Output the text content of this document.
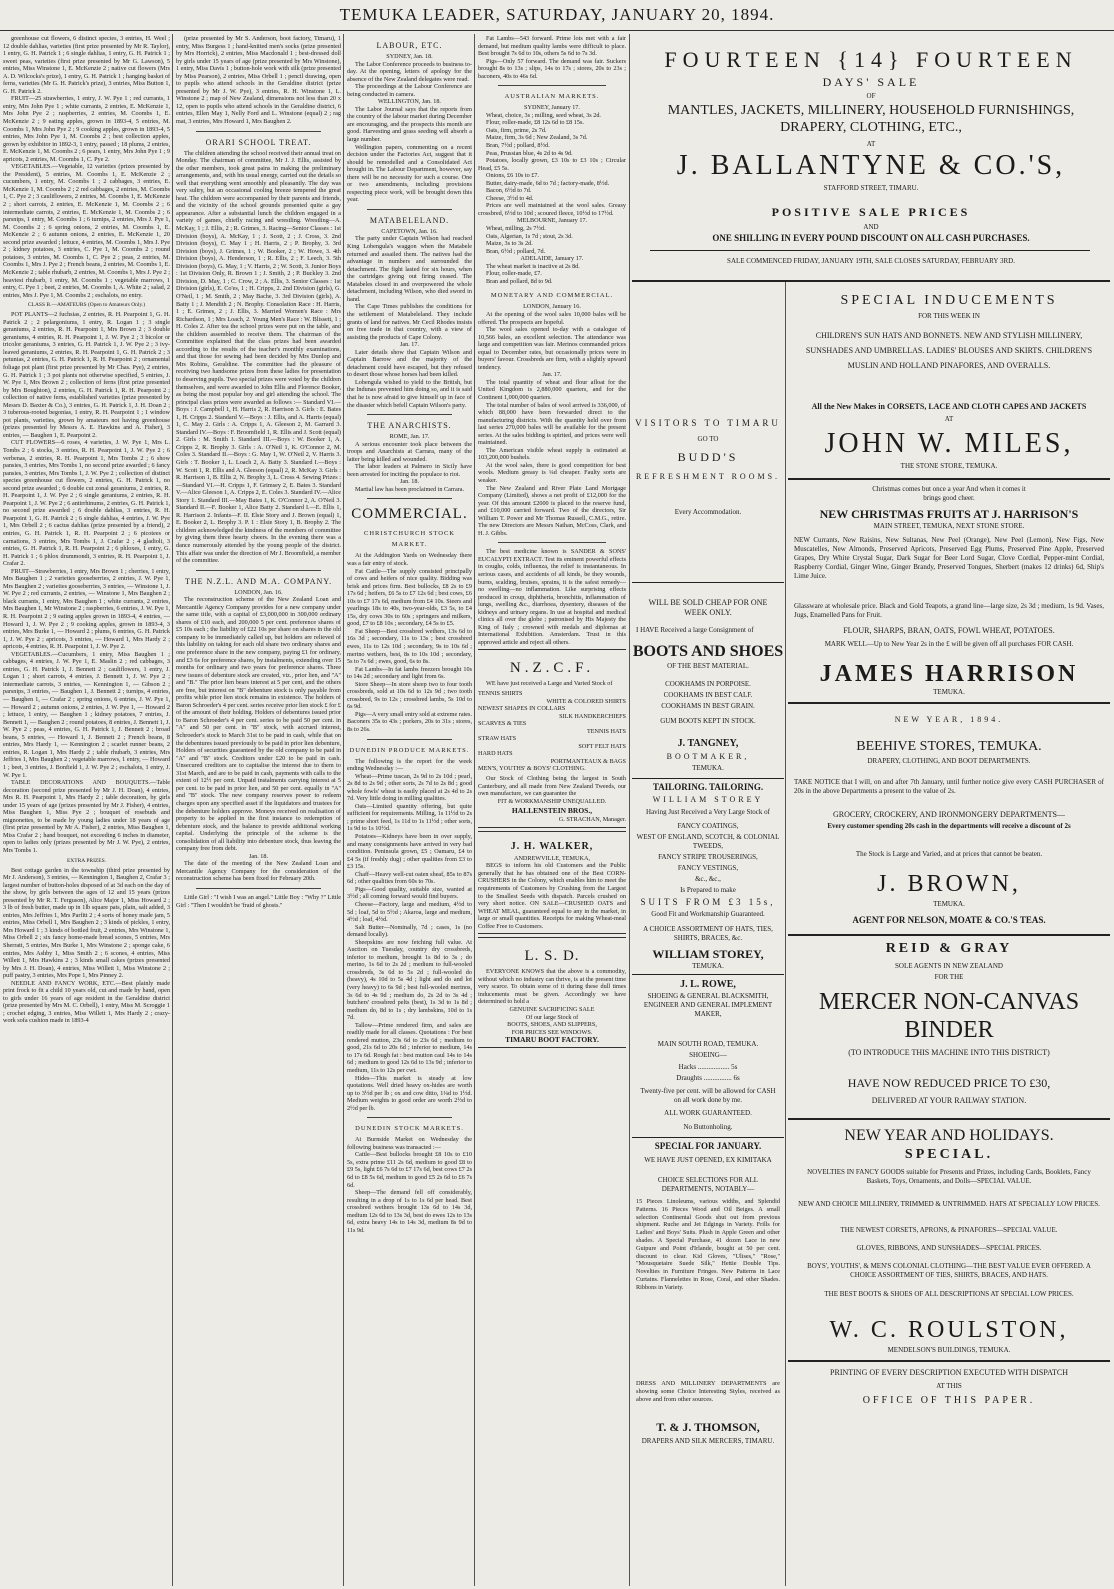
TEMUKA LEADER, SATURDAY, JANUARY 20, 1894.

greenhouse cut flowers, 6 distinct species, 3 entries, H. Weel ; 12 double dahlias, varieties (first prize presented by Mr R. Taylor), 1 entry, G. H. Patrick 1 ; 6 single dahlias, 1 entry, G. H. Patrick 1 ; sweet peas, varieties (first prize presented by Mr G. Lawson), 5 entries, Miss Winstone 1, E. McKenzie 2 ; native cut flowers (Mrs A. D. Wilcocks's prize), 1 entry, G. H. Patrick 1 ; hanging basket of ferns, varieties (Mr G. H. Patrick's prize), 3 entries, Miss Button 1, G. H. Patrick 2.

FRUIT—25 strawberries, 1 entry, J. W. Pye 1 ; red currants, 1 entry, Mrs John Pye 1 ; white currants, 2 entries, E. McKenzie 1, Mrs John Pye 2 ; raspberries, 2 entries, M. Coombs 1, E. McKenzie 2 ; 9 eating apples, grown in 1893-4, 5 entries, M. Coombs 1, Mrs John Pye 2 ; 9 cooking apples, grown in 1893-4, 5 entries, Mrs John Pye 1, M. Coombs 2 ; best collection apples, grown by exhibitor in 1892-3, 1 entry, passed ; 18 plums, 2 entries, E. McKenzie 1, M. Coombs 2 ; 6 pears, 1 entry, Mrs John Pye 1 ; 9 apricots, 2 entries, M. Coombs 1, C. Pye 2.

VEGETABLES.—Vegetable, 12 varieties (prizes presented by the President), 5 entries, M. Coombs 1, E. McKenzie 2 ; cucumbers, 1 entry, M. Coombs 1 ; 2 cabbages, 3 entries, E. McKenzie 1, M. Coombs 2 ; 2 red cabbages, 2 entries, M. Coombs 1, C. Pye 2 ; 3 cauliflowers, 2 entries, M. Coombs 1, E. McKenzie 2 ; short carrots, 2 entries, E. McKenzie 1, M. Coombs 2 ; 6 intermediate carrots, 2 entries, E. McKenzie 1, M. Coombs 2 ; 6 parsnips, 1 entry, M. Coombs 1 ; 6 turnips, 2 entries, Mrs J. Pye 1, M. Coombs 2 ; 6 spring onions, 2 entries, M. Coombs 1, E. McKenzie 2 ; 6 autumn onions, 2 entries, E. McKenzie 1, 20 second prize awarded ; lettuce, 4 entries, M. Coombs 1, Mrs J. Pye 2 ; kidney potatoes, 3 entries, C. Pye 1, M. Coombs 2 ; round potatoes, 3 entries, M. Coombs 1, C. Pye 2 ; peas, 2 entries, M. Coombs 1, Mrs J. Pye 2 ; French beans, 2 entries, M. Coombs 1, E. McKenzie 2 ; table rhubarb, 2 entries, M. Coombs 1, Mrs J. Pye 2 ; heaviest rhubarb, 1 entry, M. Coombs 1 ; vegetable marrows, 1 entry, C. Pye 1 ; beet, 2 entries, M. Coombs 1, A. White 2 ; salad, 2 entries, Mrs J. Pye 1, M. Coombs 2 ; eschalots, no entry.

CLASS B.—AMATEURS (Open to Amateurs Only.)

POT PLANTS—2 fuchsias, 2 entries, R. H. Pearpoint 1, G. H. Patrick 2 ; 2 pelargoniums, 1 entry, R. Logan 1 ; 3 single geraniums, 2 entries, R. H. Pearpoint 1, Mrs Brown 2 ; 3 double geraniums, 4 entries, R. H. Pearpoint 1, J. W. Pye 2 ; 3 bicolor or tricolor geraniums, 3 entries, G. H. Patrick 1, J. W. Pye 2 ; 3 ivy-leaved geraniums, 2 entries, R. H. Pearpoint 1, G. H. Patrick 2 ; 3 petunias, 2 entries, G. H. Patrick 1, R. H. Pearpoint 2 ; ornamental foliage pot plant (first prize presented by Mr Chas. Pye), 2 entries, G. H. Patrick 1 ; 3 pot plants not otherwise specified, 5 entries, J. W. Pye 1, Mrs Brown 2 ; collection of ferns (first prize presented by Mrs Boughton), 2 entries, G. H. Patrick 1, R. H. Pearpoint 2 ; collection of native ferns, established varieties (prize presented by Messrs D. Baxter & Co.), 3 entries, G. H. Patrick 1, J. H. Doan 2 ; 3 tuberous-rooted begonias, 1 entry, R. H. Pearpoint 1 ; 1 window pot plants, varieties, grown by amateurs not having greenhouse (prizes presented by Messrs A. E. Hawkins and A. Fisher), 3 entries, — Baughen 1, E. Pearpoint 2.

CUT FLOWERS—6 roses, 4 varieties, J. W. Pye 1, Mrs L. Tombs 2 ; 6 stocks, 3 entries, R. H. Pearpoint 1, J. W. Pye 2 ; 6 verbenas, 2 entries, R. H. Pearpoint 1, Mrs Tombs 2 ; 6 show pansies, 3 entries, Mrs Tombs 1, no second prize awarded ; 6 fancy pansies, 3 entries, Mrs Tombs 1, J. W. Pye 2 ; collection of distinct species greenhouse cut flowers, 2 entries, G. H. Patrick 1, no second prize awarded ; 6 double cut zonal geraniums, 2 entries, R. H. Pearpoint 1, J. W. Pye 2 ; 6 single geraniums, 2 entries, R. H. Pearpoint 1, J. W. Pye 2 ; 6 antirrhinums, 2 entries, G. H. Patrick 1, no second prize awarded ; 6 double dahlias, 3 entries, R. H. Pearpoint 1, G. H. Patrick 2 ; 6 single dahlias, 4 entries, J. W. Pye 1, Mrs Orbell 2 ; 6 cactus dahlias (prize presented by a friend), 2 entries, G. H. Patrick 1, R. H. Pearpoint 2 ; 6 picotees or carnations, 3 entries, Mrs Tombs 1, J. Crafar 2 ; 4 gladioli, 3 entries, G. H. Patrick 1, R. H. Pearpoint 2 ; 6 phloxes, 1 entry, G. H. Patrick 1 ; 6 phlox drummondi, 3 entries, R. H. Pearpoint 1, J. Crafar 2.

FRUIT—Strawberries, 1 entry, Mrs Brown 1 ; cherries, 1 entry, Mrs Baughen 1 ; 2 varieties gooseberries, 2 entries, J. W. Pye 1, Mrs Baughen 2 ; varieties gooseberries, 3 entries, — Winstone 1, J. W. Pye 2 ; red currants, 2 entries, — Winstone 1, Mrs Baughen 2 ; black currants, 1 entry, Mrs Baughen 1 ; white currants, 2 entries, Mrs Baughen 1, Mr Winstone 2 ; raspberries, 6 entries, J. W. Pye 1, R. H. Pearpoint 2 ; 9 eating apples grown in 1893-4, 4 entries, — Howard 1, J. W. Pye 2 ; 9 cooking apples, grown in 1893-4, 3 entries, Mrs Burke 1, — Howard 2 ; plums, 6 entries, G. H. Patrick 1, J. W. Pye 2 ; apricots, 3 entries, — Howard 1, Mrs Hardy 2 ; apricots, 4 entries, R. H. Pearpoint 1, J. W. Pye 2.

VEGETABLES.—Cucumbers, 1 entry, Miss Baughen 1 ; cabbages, 4 entries, J. W. Pye 1, E. Maslin 2 ; red cabbages, 3 entries, G. H. Patrick 1, J. Bennett 2 ; cauliflowers, 1 entry, J. Logan 1 ; short carrots, 4 entries, J. Bennett 1, J. W. Pye 2 ; intermediate carrots, 3 entries, — Kennington 1, — Gibson 2 ; parsnips, 3 entries, — Baughen 1, J. Bennett 2 ; turnips, 4 entries, — Baughen 1, — Crafar 2 ; spring onions, 6 entries, J. W. Pye 1, — Howard 2 ; autumn onions, 2 entries, J. W. Pye 1, — Howard 2 ; lettuce, 1 entry, — Baughen 1 ; kidney potatoes, 7 entries, J. Bennett 1, — Baughen 2 ; round potatoes, 8 entries, J. Bennett 1, J. W. Pye 2 ; peas, 4 entries, G. H. Patrick 1, J. Bennett 2 ; broad beans, 5 entries, — Howard 1, J. Bennett 2 ; French beans, 8 entries, Mrs Hardy 1, — Kennington 2 ; scarlet runner beans, 2 entries, R. Logan 1, Mrs Hardy 2 ; table rhubarb, 3 entries, Mrs Jeffries 1, Mrs Baughen 2 ; vegetable marrows, 1 entry, — Howard 1 ; beet, 3 entries, J. Bonfield 1, J. W. Pye 2 ; eschalots, 1 entry, J. W. Pye 1.

TABLE DECORATIONS AND BOUQUETS.—Table decoration (second prize presented by Mr J. H. Doan), 4 entries, Mrs R. H. Pearpoint 1, Mrs Hardy 2 ; table decoration, by girls under 15 years of age (prizes presented by Mr J. Fisher), 4 entries, Miss Baughen 1, Miss Pye 2 ; bouquet of rosebuds and mignonettes, to be made by young ladies under 18 years of age (first prize presented by Mr A. Fisher), 2 entries, Miss Baughen 1, Miss Crafar 2 ; hand bouquet, not exceeding 6 inches in diameter, open to ladies only (prizes presented by Mr J. W. Pye), 2 entries, Mrs Tombs 1.

EXTRA PRIZES.

Best cottage garden in the township (third prize presented by Mr J. Anderson), 3 entries, — Kennington 1, Baughen 2, Crafar 3 ; largest number of button-holes disposed of at 3d each on the day of the show, by girls between the ages of 12 and 15 years (prizes presented by Mr R. T. Ferguson), Alice Major 1, Miss Howard 2 ; 3 lb of fresh butter, made up in 1lb square pats, plain, salt added, 3 entries, Mrs Jeffries 1, Mrs Parfitt 2 ; 4 sorts of honey made jam, 5 entries, Miss Orbell 1, Mrs Baughen 2 ; 3 kinds of pickles, 1 entry, Mrs Howard 1 ; 3 kinds of bottled fruit, 2 entries, Mrs Winstone 1, Miss Orbell 2 ; six fancy home-made bread scones, 5 entries, Mrs Sherratt, 5 entries, Mrs Burke 1, Mrs Winstone 2 ; sponge cake, 6 entries, Mrs Ashby 1, Miss Smith 2 ; 6 scones, 4 entries, Miss Willett 1, Mrs Hawkins 2 ; 3 kinds small cakes (prizes presented by Mrs J. H. Doan), 4 entries, Miss Willett 1, Miss Winstone 2 ; puff pastry, 3 entries, Mrs Pope 1, Mrs Pinney 2.

NEEDLE AND FANCY WORK, ETC.—Best plainly made print frock to fit a child 10 years old, cut and made by hand, open to girls under 16 years of age resident in the Geraldine district (prize presented by Mrs M. C. Orbell), 1 entry, Miss M. Scroggie 1 ; crochet edging, 3 entries, Miss Willett 1, Mrs Hardy 2 ; crazy-work sofa cushion made in 1893-4

(prize presented by Mr S. Anderson, boot factory, Timaru), 1 entry, Miss Burgess 1 ; hand-knitted men's socks (prize presented by Mrs Horrick), 2 entries, Miss Macdonald 1 ; best-dressed doll by girls under 15 years of age (prize presented by Mrs Winstone), 1 entry, Miss Davis 1 ; button-hole work with silk (prize presented by Miss Pearson), 2 entries, Miss Orbell 1 ; pencil drawing, open to pupils who attend schools in the Geraldine district (prize presented by Mr J. W. Pye), 3 entries, R. H. Winstone 1, L. Winstone 2 ; map of New Zealand, dimensions not less than 20 x 12, open to pupils who attend schools in the Geraldine district, 6 entries, Ellen May 1, Nelly Ford and L. Winstone (equal) 2 ; rag mat, 3 entries, Mrs Howard 1, Mrs Baughen 2.

ORARI SCHOOL TREAT.

The children attending the school received their annual treat on Monday. The chairman of committee, Mr J. J. Ellis, assisted by the other members, took great pains in making the preliminary arrangements, and, with his usual energy, carried out the details so well that everything went smoothly and pleasantly. The day was very sultry, but an occasional cooling breeze tempered the great heat. The children were accompanied by their parents and friends, and the vicinity of the school grounds presented quite a gay appearance. After a substantial lunch the children engaged in a variety of games, chiefly racing and wrestling. Wrestling—A. McKay, 1 ; J. Ellis, 2 ; R. Grimes, 3. Racing—Senior Classes : 1st Division (boys), A. McKay, 1 ; J. Scott, 2 ; J. Cross, 3. 2nd Division (boys), C. May 1 ; H. Harris, 2 ; P. Brophy, 3. 3rd Division (boys), J. Grimes, 1 ; W. Booker, 2 ; W. Howe, 3. 4th Division (boys), A. Henderson, 1 ; R. Ellis, 2 ; F. Leech, 3. 5th Division (boys), G. May, 1 ; V. Harris, 2 ; W. Scott, 3. Junior Boys : 1st Division Only, R. Brown 1 ; J. Smith, 2 ; P. Buckley 3. 2nd Division, D. May, 1 ; C. Crow, 2 ; A. Ellis, 3. Senior Classes : 1st Division (girls), E. Co'es, 1 ; H. Cripps, 2. 2nd Division (girls), G. O'Neil, 1 ; M. Smith, 2 ; May Bache, 3. 3rd Division (girls), A. Batty 1 ; J. Mendith 2 ; N. Brophy. Consolation Race : H. Harris, 1 ; E. Grimes, 2 ; J. Ellis, 3. Married Women's Race : Mrs Richardson, 1 ; Mrs Loach, 2. Young Men's Race : W. Blissett, 1 ; H. Coles 2. After tea the school prizes were put on the table, and the children assembled to receive them. The chairman of the Committee explained that the class prizes had been awarded according to the results of the teacher's monthly examinations, and that those for sewing had been decided by Mrs Dunlop and Mrs Robins, Geraldine. The committee had the pleasure of receiving two handsome prizes from these ladies for presentation to deserving pupils. Two special prizes were voted by the children themselves, and were awarded to John Ellis and Florence Booker, as being the most popular boy and girl attending the school. The principal class prizes were awarded as follows :— Standard VI.—Boys : J. Campbell 1, H. Harris 2, R. Harrison 3. Girls : E. Bates 1, H. Cripps 2. Standard V.—Boys : J. Ellis, and A. Harris (equal) 1, C. May 2. Girls : A. Cripps 1, A. Gleeson 2, M. Garrard 3. Standard IV.—Boys : F. Broomfield 1, R. Ellis and J. Scott (equal) 2. Girls : M. Smith 1. Standard III.—Boys : W. Booker 1, A. Cripps 2, R. Brophy 3. Girls : A. O'Neil 1, K. O'Connor 2, M. Coles 3. Standard II.—Boys : G. May 1, W. O'Neil 2, V. Harris 3. Girls : T. Booker 1, L. Loach 2, A. Batty 3. Standard I.—Boys : W. Scott 1, R. Ellis and A. Gleeson (equal) 2, R. McKay 3. Girls : R. Harrison 1, B. Ellis 2, N. Brophy 3, L. Cross 4. Sewing Prizes : —Standard VI.—H. Cripps 1, F. Grimsey 2, E. Bates 3. Standard V.—Alice Gleeson 1, A. Cripps 2, E. Coles 3. Standard IV.—Alice Story 1. Standard III.—May Bates 1, K. O'Connor 2, A. O'Neil 3. Standard II.—F. Booker 1, Alice Batty 2. Standard I.—E. Ellis 1, R. Harrison 2. Infants—F. II. Elsie Story and J. Brown (equal) 1, E. Booker 2, L. Brophy 3. P. 1 : Elsie Story 1, B. Brophy 2. The children acknowledged the kindness of the members of committee by giving them three hearty cheers. In the evening there was a dance numerously attended by the young people of the district. This affair was under the direction of Mr J. Broomfield, a member of the committee.

THE N.Z.L. AND M.A. COMPANY.
LONDON, Jan. 16.

The reconstruction scheme of the New Zealand Loan and Mercantile Agency Company provides for a new company under the same title, with a capital of £3,000,000 in 300,000 ordinary shares of £10 each, and 200,000 5 per cent. preference shares of £5 10s each ; the liability of £22 10s per share on shares in the old company to be immediately called up, but holders are relieved of this liability on taking for each old share two ordinary shares and one preference share in the new company, paying £1 for ordinary, and £3 6s for preference shares, by instalments, extending over 15 months for ordinary and two years for preference shares. Three new issues of debenture stock are created, viz., prior lien, and "A" and "B." The prior lien bears interest at 5 per cent, and the others are free, but interest on "B" debenture stock is only payable from profits while prior lien stock remains in existence. The holders of Baron Schroeder's 4 per cent. series receive prior lien stock £ for £ of the amount of their holding. Holders of debentures issued prior to Baron Schroeder's 4 per cent. series to be paid 50 per cent. in "A" and 50 per cent. in "B" stock, with accrued interest, Schroeder's stock to March 31st to be paid in cash, while that on the debentures issued previously to be paid in prior lien debenture, Holders of securities guaranteed by the old company to be paid in "A" and "B" stock. Creditors under £20 to be paid in cash. Unsecured creditors are to capitalise the interest due to them to 31st March, and are to be paid in cash, payments with calls to the extent of 12½ per cent. Unpaid instalments carrying interest at 5 per cent. to be paid in prior lien, and 50 per cent. equally in "A" and "B" stock. The new company reserves power to redeem charges upon any specified asset if the liquidators and trustees for the debenture holders approve. Moneys received on realisation of property to be applied in the first instance to redemption of debenture stock, and the balance to provide additional working capital. Underlying the principle of the scheme is the consolidation of all liability into debenture stock, thus leaving the company free from debt.

Jan. 18.

The date of the meeting of the New Zealand Loan and Mercantile Agency Company for the consideration of the reconstruction scheme has been fixed for February 20th.

Little Girl : "I wish I was an angel." Little Boy : "Why ?" Little Girl : "Then I wouldn't be 'fraid of ghosts."

LABOUR, ETC.
SYDNEY, Jan. 18.

The Labor Conference proceeds to business to-day. At the opening, letters of apology for the absence of the New Zealand delegates were read.

The proceedings at the Labour Conference are being conducted in camera.

WELLINGTON, Jan. 18.

The Labor Journal says that the reports from the country of the labour market during December are encouraging, and the prospects this month are good. Harvesting and grass seeding will absorb a large number.

Wellington papers, commenting on a recent decision under the Factories Act, suggest that it should be remodelled and a Consolidated Act brought in. The Labour Department, however, say there will be no necessity for such a course. One or two amendments, including provisions respecting piece work, will be brought down this year.

MATABELELAND.
CAPETOWN, Jan. 16.

The party under Captain Wilson had reached King Lobengula's waggon when the Matabele returned and assailed them. The natives had the advantage in numbers and surrounded the detachment. The fight lasted for six hours, when the cartridges giving out firing ceased. The Matabeles closed in and overpowered the whole detachment, including Wilson, who died sword in hand.

The Cape Times publishes the conditions for the settlement of Matabeleland. They include grants of land for natives. Mr Cecil Rhodes insists on free trade in that country, with a view of assisting the products of Cape Colony.

Jan. 17.

Later details show that Captain Wilson and Captain Barrow and the majority of the detachment could have escaped, but they refused to desert those whose horses had been killed.

Lobengula wished to yield to the British, but the Indunas prevented him doing so, and it is said that he is now afraid to give himself up in face of the disaster which befell Captain Wilson's party.

THE ANARCHISTS.
ROME, Jan. 17.

A serious encounter took place between the troops and Anarchists at Carrara, many of the latter being killed and wounded.

The labor leaders at Palmero in Sicily have been arrested for inciting the populace to riot.

Jan. 18.

Martial law has been proclaimed in Carrara.

COMMERCIAL.
CHRISTCHURCH STOCK MARKET.

At the Addington Yards on Wednesday there was a fair entry of stock.

Fat Cattle—The supply consisted principally of cows and heifers of nice quality. Bidding was brisk and prices firm. Best bullocks, £8 2s to £9 17s 6d ; heifers, £6 5s to £7 12s 6d ; best cows, £6 10s to £7 17s 6d, medium from £4 10s. Steers and yearlings 18s to 40s, two-year-olds, £3 5s, to £4 15s, dry cows 30s to 60s ; springers and milkers, good, £7 to £8 10s ; secondary, £4 5s to £5.

Fat Sheep—Best crossbred wethers, 13s 6d to 16s 3d ; secondary, 11s to 13s ; best crossbred ewes, 11s to 12s 10d ; secondary, 9s to 10s 6d ; merino wethers, best, 8s to 10s 10d ; secondary, 5s to 7s 6d ; ewes, good, 6s to 8s.

Fat Lambs—In fat lambs freezers brought 10s to 14s 2d ; secondary and light from 6s.

Store Sheep—In store sheep two to four tooth crossbreds, sold at 10s 6d to 12s 9d ; two tooth crossbred, 9s to 12s ; crossbred lambs, 5s 10d to 6s 9d.

Pigs—A very small entry sold at extreme rates. Baconers 35s to 43s ; porkers, 20s to 31s ; stores, 8s to 26s.

DUNEDIN PRODUCE MARKETS.

The following is the report for the week ending Wednesday :—

Wheat—Prime tuscan, 2s 9d to 2s 10d ; pearl, 2s 8d to 2s 9d ; other sorts, 2s 7d to 2s 8d ; good whole fowls' wheat is easily placed at 2s 4d to 2s 7d. Very little doing in milling qualities.

Oats—Limited quantity offering, but quite sufficient for requirements. Milling, 1s 11½d to 2s ; prime short feed, 1s 11d to 1s 11½d ; other sorts, 1s 9d to 1s 10½d.

Potatoes—Kidneys have been in over supply, and many consignments have arrived in very bad condition. Peninsula grown, £5 ; Oamaru, £4 to £4 5s (if freshly dug) ; other qualities from £3 to £3 15s.

Chaff—Heavy well-cut oaten sheaf, 85s to 87s 6d ; other qualities from 60s to 70s.

Pigs—Good quality, suitable size, wanted at 3½d ; all coming forward would find buyers.

Cheese—Factory, large and medium, 4½d to 5d ; loaf, 5d to 5½d ; Akaroa, large and medium, 4½d ; loaf, 4½d.

Salt Butter—Nominally, 7d ; cases, 1s (no demand locally).

Sheepskins are now fetching full value. At Auction on Tuesday, country dry crossbreds, inferior to medium, brought 1s 8d to 3s ; do merino, 1s 6d to 2s 2d ; medium to full-wooled crossbreds, 3s 6d to 5s 2d ; full-wooled do (heavy), 4s 10d to 5s 4d ; light and do and lot (very heavy) to 6s 9d ; best full-wooled merinos, 3s 6d to 4s 9d ; medium do, 2s 2d to 3s 4d ; butchers' crossbred pelts (best), 1s 3d to 1s 8d ; medium do, 8d to 1s ; dry lambskins, 10d to 1s 7d.

Tallow—Prime rendered firm, and sales are readily made for all classes. Quotations : For best rendered mutton, 23s 6d to 23s 6d ; medium to good, 21s 6d to 20s 6d ; inferior to medium, 14s to 17s 6d. Rough fat : best mutton caul 14s to 14s 6d ; medium to good 12s 6d to 13s 9d ; inferior to medium, 11s to 12s per cwt.

Hides—This market is steady at low quotations. Well dried heavy ox-hides are worth up to 3½d per lb ; ox and cow ditto, 1¼d to 1½d. Medium weights to good order are worth 2½d to 2½d per lb.

DUNEDIN STOCK MARKETS.

At Burnside Market on Wednesday the following business was transacted :—

Cattle—Best bullocks brought £8 10s to £10 5s, extra prime £11 2s 6d, medium to good £8 to £9 5s, light £6 7s 6d to £7 17s 6d, best cows £7 2s 6d to £8 5s 6d, medium to good £5 2s 6d to £6 7s 6d.

Sheep—The demand fell off considerably, resulting in a drop of 1s to 1s 6d per head. Best crossbred wethers brought 13s 6d to 14s 3d, medium 12s 6d to 13s 3d, best do ewes 12s to 13s 6d, extra heavy 14s to 14s 3d, medium 8s 9d to 11s 9d.

Fat Lambs—543 forward. Prime lots met with a fair demand, but medium quality lambs were difficult to place. Best brought 7s 6d to 10s, others 5s 6d to 7s 3d.

Pigs—Only 57 forward. The demand was fair. Suckers brought 8s to 13s ; slips, 14s to 17s ; stores, 20s to 23s ; baconers, 40s to 46s 6d.

AUSTRALIAN MARKETS.
SYDNEY, January 17.

Wheat, choice, 3s ; milling, seed wheat, 3s 2d.

Flour, roller-made, £8 12s 6d to £8 15s.

Oats, firm, prime, 2s 7d.

Maize, firm, 3s 6d ; New Zealand, 3s 7d.

Bran, 7½d ; pollard, 8½d.

Peas, Prussian blue, 4s 2d to 4s 9d.

Potatoes, locally grown, £3 10s to £3 10s ; Circular Head, £5 5s.

Onions, £6 10s to £7.

Butter, dairy-made, 6d to 7d ; factory-made, 8½d.

Bacon, 6½d to 7d.

Cheese, 3½d to 4d.

Prices are well maintained at the wool sales. Greasy crossbred, 6½d to 10d ; scoured fleece, 10½d to 17½d.

MELBOURNE, January 17.

Wheat, milling, 2s 7½d.

Oats, Algerian, 1s 7d ; stout, 2s 3d.

Maize, 3s to 3s 2d.

Bran, 6½d ; pollard, 7d.

ADELAIDE, January 17.

The wheat market is inactive at 2s 8d.

Flour, roller-made, £7.

Bran and pollard, 8d to 9d.

MONETARY AND COMMERCIAL.
LONDON, January 16.

At the opening of the wool sales 10,000 bales will be offered. The prospects are hopeful.

The wool sales opened to-day with a catalogue of 10,566 bales, an excellent selection. The attendance was large and competition was fair. Merinos commanded prices equal to December rates, but occasionally prices were in buyers' favour. Crossbreds are firm, with a slightly upward tendency.

Jan. 17.

The total quantity of wheat and flour afloat for the United Kingdom is 2,880,000 quarters, and for the Continent 1,000,000 quarters.

The total number of bales of wool arrived is 336,000, of which 88,000 have been forwarded direct to the manufacturing districts. With the quantity held over from last series 270,000 bales will be available for the present series. At the sales bidding is spirited, and prices were well maintained.

The American visible wheat supply is estimated at 103,200,000 bushels.

At the wool sales, there is good competition for best wools. Medium greasy is ¼d cheaper. Faulty sorts are weaker.

The New Zealand and River Plate Land Mortgage Company (Limited), shows a net profit of £12,000 for the year. Of this amount £2000 is placed to the reserve fund, and £10,000 carried forward. Two of the directors, Sir William T. Power and Mr Thomas Russell, C.M.G., retire. The new Directors are Messrs Nathan, McCoss, Clark, and H. J. Gibbs.

The best medicine known is SANDER & SONS' EUCALYPTI EXTRACT. Test its eminent powerful effects in coughs, colds, influenza, the relief is instantaneous. In serious cases, and accidents of all kinds, be they wounds, burns, scalding, bruises, sprains, it is the safest remedy—no swelling—no inflammation. Like surprising effects produced in croup, diphtheria, bronchitis, inflammation of lungs, swelling &c., diarrhoea, dysentery, diseases of the kidneys and urinary organs. In use at hospital and medical clinics all over the globe ; patronised by His Majesty the King of Italy ; crowned with medals and diplomas at International Exhibition. Amsterdam. Trust in this approved article and reject all others.

N.Z.C.F.

WE have just received a Large and Varied Stock of

TENNIS SHIRTS
WHITE & COLORED SHIRTS
NEWEST SHAPES IN COLLARS
SILK HANDKERCHIEFS
SCARVES & TIES
TENNIS HATS
STRAW HATS
SOFT FELT HATS
HARD HATS
PORTMANTEAUX & BAGS
MEN'S, YOUTHS' & BOYS' CLOTHING.

Our Stock of Clothing being the largest in South Canterbury, and all made from New Zealand Tweeds, our own manufacture, we can guarantee the

FIT & WORKMANSHIP UNEQUALLED.
HALLENSTEIN BROS.,
G. STRACHAN, Manager.
J. H. WALKER,
ANDREWVILLE, TEMUKA,

BEGS to inform his old Customers and the Public generally that he has obtained one of the Best CORN-CRUSHERS in the Colony, which enables him to meet the requirements of Customers by Crushing from the Largest to the Smallest Seeds with dispatch. Parcels crushed on very short notice. ON SALE—CRUSHED OATS and WHEAT MEAL, guaranteed equal to any in the market, in large or small quantities. Receipts for making Wheat-meal Coffee Free to Customers.

L. S. D.

EVERYONE KNOWS that the above is a commodity, without which no industry can thrive, is at the present time very scarce. To obtain some of it during these dull times inducements must be given. Accordingly we have determined to hold a

GENUINE SACRIFICING SALE
Of our large Stock of
BOOTS, SHOES, AND SLIPPERS,
FOR PRICES SEE WINDOWS.
TIMARU BOOT FACTORY.
FOURTEEN {14} FOURTEEN
DAYS' SALE
OF
MANTLES, JACKETS, MILLINERY, HOUSEHOLD FURNISHINGS, DRAPERY, CLOTHING, ETC.,
AT
J. BALLANTYNE & CO.'S,
STAFFORD STREET, TIMARU.
POSITIVE SALE PRICES
AND
ONE SHILLING IN EVERY POUND DISCOUNT ON ALL CASH PURCHASES.
SALE COMMENCED FRIDAY, JANUARY 19TH, SALE CLOSES SATURDAY, FEBRUARY 3RD.
VISITORS TO TIMARU
GO TO
BUDD'S
REFRESHMENT ROOMS.
Every Accommodation.
WILL BE SOLD CHEAP FOR ONE WEEK ONLY.
I HAVE Received a large Consignment of
BOOTS AND SHOES
OF THE BEST MATERIAL.
COOKHAMS IN PORPOISE.
COOKHAMS IN BEST CALF.
COOKHAMS IN BEST GRAIN.
GUM BOOTS KEPT IN STOCK.
J. TANGNEY,
BOOTMAKER,
TEMUKA.
TAILORING. TAILORING.
WILLIAM STOREY
Having Just Received a Very Large Stock of
FANCY COATINGS,
WEST OF ENGLAND, SCOTCH, & COLONIAL TWEEDS,
FANCY STRIPE TROUSERINGS,
FANCY VESTINGS,
&c., &c.,
Is Prepared to make
SUITS FROM £3 15s,
Good Fit and Workmanship Guaranteed.
A CHOICE ASSORTMENT OF HATS, TIES, SHIRTS, BRACES, &c.
WILLIAM STOREY,
TEMUKA.
J. L. ROWE,
SHOEING & GENERAL BLACKSMITH, ENGINEER AND GENERAL IMPLEMENT MAKER,
MAIN SOUTH ROAD, TEMUKA.
SHOEING—
Hacks .................. 5s
Draughts ................ 6s
Twenty-five per cent. will be allowed for CASH on all work done by me.
ALL WORK GUARANTEED.
No Buttonholing.
SPECIAL FOR JANUARY.
WE HAVE JUST OPENED, EX KIMITAKA
CHOICE SELECTIONS FOR ALL DEPARTMENTS, NOTABLY—
15 Pieces Linoleums, various widths, and Splendid Patterns. 16 Pieces Wood and Oil Beiges. A small selection Continental Goods shut out from previous shipment. Ruche and Jet Edgings in Variety. Frills for Ladies' and Boys' Suits. Plush in Apple Green and other shades. A Special Purchase, 41 dozen Lace in new Guipure and Point d'Irlande, bought at 50 per cent. discount to clear. Kid Gloves, "Ulises," "Rose," "Mousquetaire Suede Silk," Hettie Double Tips. Novelties in Furniture Fringes. New Patterns in Lace Curtains. Flannelettes in Rose, Coral, and other Shades. Ribbons in Variety.
DRESS AND MILLINERY DEPARTMENTS are showing some Choice Interesting Styles, received as above and from other sources.
T. & J. THOMSON,
DRAPERS AND SILK MERCERS, TIMARU.
SPECIAL INDUCEMENTS
FOR THIS WEEK IN
CHILDREN'S SUN HATS AND BONNETS. NEW AND STYLISH MILLINERY, SUNSHADES AND UMBRELLAS. LADIES' BLOUSES AND SKIRTS. CHILDREN'S MUSLIN AND HOLLAND PINAFORES, AND OVERALLS.
All the New Makes in CORSETS, LACE AND CLOTH CAPES AND JACKETS
AT
JOHN W. MILES,
THE STONE STORE, TEMUKA.
Christmas comes but once a year And when it comes it brings good cheer.
NEW CHRISTMAS FRUITS AT J. HARRISON'S
MAIN STREET, TEMUKA, NEXT STONE STORE.
NEW Currants, New Raisins, New Sultanas, New Peel (Orange), New Peel (Lemon), New Figs, New Muscatelles, New Almonds, Preserved Apricots, Preserved Egg Plums, Preserved Pine Apple, Preserved Grapes, Dry White Crystal Sugar, Dark Sugar for Beer Lord Sugar, Clove Cordial, Pepper-mint Cordial, Raspberry Cordial, Ginger Wine, Ginger Brandy, Preserved Tongues, Sherbert (makes 12 drinks) 6d, Ship's Lime Juice.
Glassware at wholesale price. Black and Gold Teapots, a grand line—large size, 2s 3d ; medium, 1s 9d. Vases, Jugs, Enamelled Pans for Fruit.
FLOUR, SHARPS, BRAN, OATS, FOWL WHEAT, POTATOES.
MARK WELL—Up to New Year 2s in the £ will be given off all purchases FOR CASH.
JAMES HARRISON
TEMUKA.
NEW YEAR, 1894.
BEEHIVE STORES, TEMUKA.
DRAPERY, CLOTHING, AND BOOT DEPARTMENTS.
TAKE NOTICE that I will, on and after 7th January, until further notice give every CASH PURCHASER of 20s in the above Departments a present to the value of 2s.
GROCERY, CROCKERY, AND IRONMONGERY DEPARTMENTS—
Every customer spending 20s cash in the departments will receive a discount of 2s
The Stock is Large and Varied, and at prices that cannot be beaten.
J. BROWN,
TEMUKA.
AGENT FOR NELSON, MOATE & CO.'S TEAS.
REID & GRAY
SOLE AGENTS IN NEW ZEALAND
FOR THE
MERCER NON-CANVAS
BINDER
(TO INTRODUCE THIS MACHINE INTO THIS DISTRICT)
HAVE NOW REDUCED PRICE TO £30,
DELIVERED AT YOUR RAILWAY STATION.
NEW YEAR AND HOLIDAYS.
SPECIAL.
NOVELTIES IN FANCY GOODS suitable for Presents and Prizes, including Cards, Booklets, Fancy Baskets, Toys, Ornaments, and Dolls—SPECIAL VALUE.
NEW AND CHOICE MILLINERY, TRIMMED & UNTRIMMED. HATS AT SPECIALLY LOW PRICES.
THE NEWEST CORSETS, APRONS, & PINAFORES—SPECIAL VALUE.
GLOVES, RIBBONS, AND SUNSHADES—SPECIAL PRICES.
BOYS', YOUTHS', & MEN'S COLONIAL CLOTHING—THE BEST VALUE EVER OFFERED. A CHOICE ASSORTMENT OF TIES, SHIRTS, BRACES, AND HATS.
THE BEST BOOTS & SHOES OF ALL DESCRIPTIONS AT SPECIAL LOW PRICES.
W. C. ROULSTON,
MENDELSON'S BUILDINGS, TEMUKA.
PRINTING OF EVERY DESCRIPTION EXECUTED WITH DISPATCH
AT THIS
OFFICE OF THIS PAPER.
